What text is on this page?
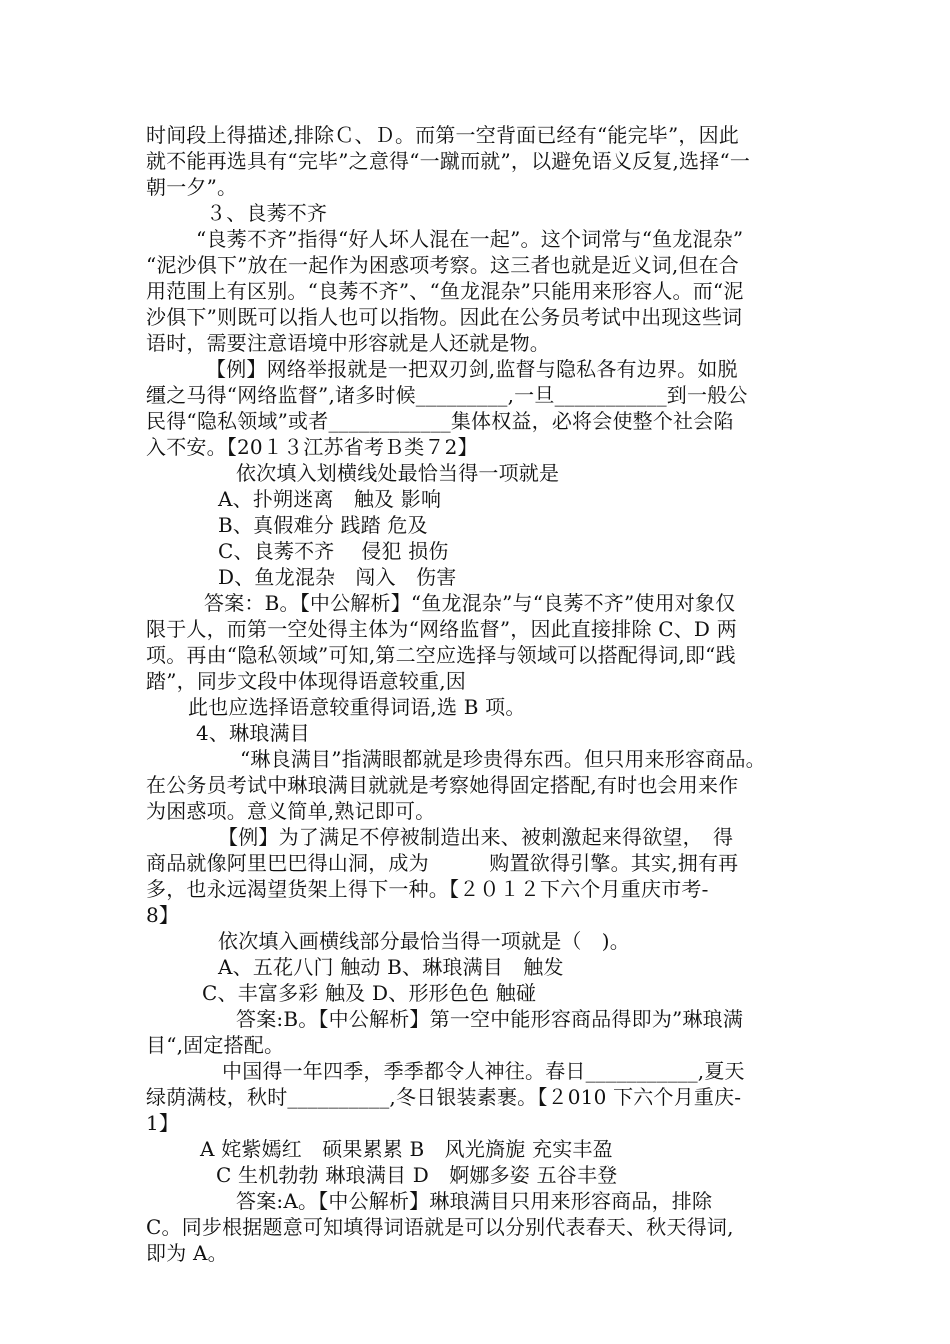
时间段上得描述,排除Ｃ、Ｄ。而第一空背面已经有“能完毕”，因此
就不能再选具有“完毕”之意得“一蹴而就”，以避免语义反复,选择“一
朝一夕”。
３、良莠不齐
“良莠不齐”指得“好人坏人混在一起”。这个词常与“鱼龙混杂”
“泥沙俱下”放在一起作为困惑项考察。这三者也就是近义词,但在合
用范围上有区别。“良莠不齐”、“鱼龙混杂”只能用来形容人。而“泥
沙俱下”则既可以指人也可以指物。因此在公务员考试中出现这些词
语时，需要注意语境中形容就是人还就是物。
【例】网络举报就是一把双刃剑,监督与隐私各有边界。如脱
缰之马得“网络监督”,诸多时候_________,一旦___________到一般公
民得“隐私领域”或者____________集体权益，必将会使整个社会陷
入不安。【20１３江苏省考Ｂ类７2】
依次填入划横线处最恰当得一项就是
A、扑朔迷离　触及 影响
B、真假难分 践踏 危及
C、良莠不齐　 侵犯 损伤
D、鱼龙混杂　闯入　伤害
答案：B。【中公解析】“鱼龙混杂”与“良莠不齐”使用对象仅
限于人，而第一空处得主体为“网络监督”，因此直接排除 C、D 两
项。再由“隐私领域”可知,第二空应选择与领域可以搭配得词,即“践
踏”，同步文段中体现得语意较重,因
此也应选择语意较重得词语,选 B 项。
4、琳琅满目
“琳良满目”指满眼都就是珍贵得东西。但只用来形容商品。
在公务员考试中琳琅满目就就是考察她得固定搭配,有时也会用来作
为困惑项。意义简单,熟记即可。
【例】为了满足不停被制造出来、被刺激起来得欲望，　得
商品就像阿里巴巴得山洞，成为　　　购置欲得引擎。其实,拥有再
多，也永远渴望货架上得下一种。【２０１２下六个月重庆市考-
8】
依次填入画横线部分最恰当得一项就是（　)。
A、五花八门 触动 B、琳琅满目　触发
C、丰富多彩 触及 D、形形色色 触碰
答案:B。【中公解析】第一空中能形容商品得即为”琳琅满
目“,固定搭配。
中国得一年四季，季季都令人神往。春日___________,夏天
绿荫满枝，秋时__________,冬日银装素裹。【２010 下六个月重庆-
1】
A 姹紫嫣红　硕果累累 B　风光旖旎 充实丰盈
C 生机勃勃 琳琅满目 D　婀娜多姿 五谷丰登
答案:A。【中公解析】琳琅满目只用来形容商品，排除
C。同步根据题意可知填得词语就是可以分别代表春天、秋天得词,
即为 A。
